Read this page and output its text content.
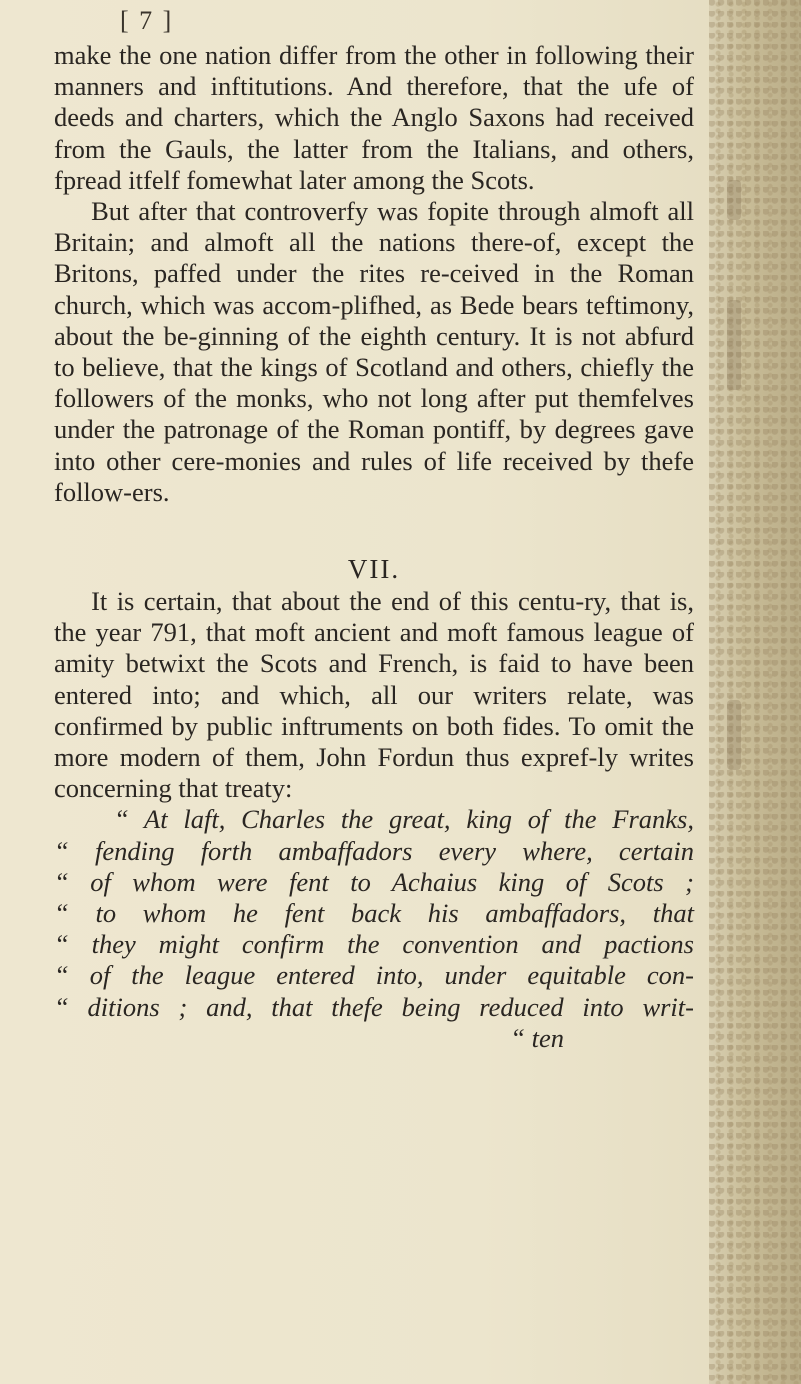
[ 7 ]

make the one nation differ from the other in following their manners and inftitutions. And therefore, that the ufe of deeds and charters, which the Anglo Saxons had received from the Gauls, the latter from the Italians, and others, fpread itfelf fomewhat later among the Scots.

But after that controverfy was fopite through almoft all Britain; and almoft all the nations there-of, except the Britons, paffed under the rites re-ceived in the Roman church, which was accom-plifhed, as Bede bears teftimony, about the be-ginning of the eighth century. It is not abfurd to believe, that the kings of Scotland and others, chiefly the followers of the monks, who not long after put themfelves under the patronage of the Roman pontiff, by degrees gave into other cere-monies and rules of life received by thefe follow-ers.

VII.

It is certain, that about the end of this centu-ry, that is, the year 791, that moft ancient and moft famous league of amity betwixt the Scots and French, is faid to have been entered into; and which, all our writers relate, was confirmed by public inftruments on both fides. To omit the more modern of them, John Fordun thus expref-ly writes concerning that treaty:

“ At laft, Charles the great, king of the Franks,
“ fending forth ambaffadors every where, certain
“ of whom were fent to Achaius king of Scots ;
“ to whom he fent back his ambaffadors, that
“ they might confirm the convention and pactions
“ of the league entered into, under equitable con-
“ ditions ; and, that thefe being reduced into writ-
“ ten
